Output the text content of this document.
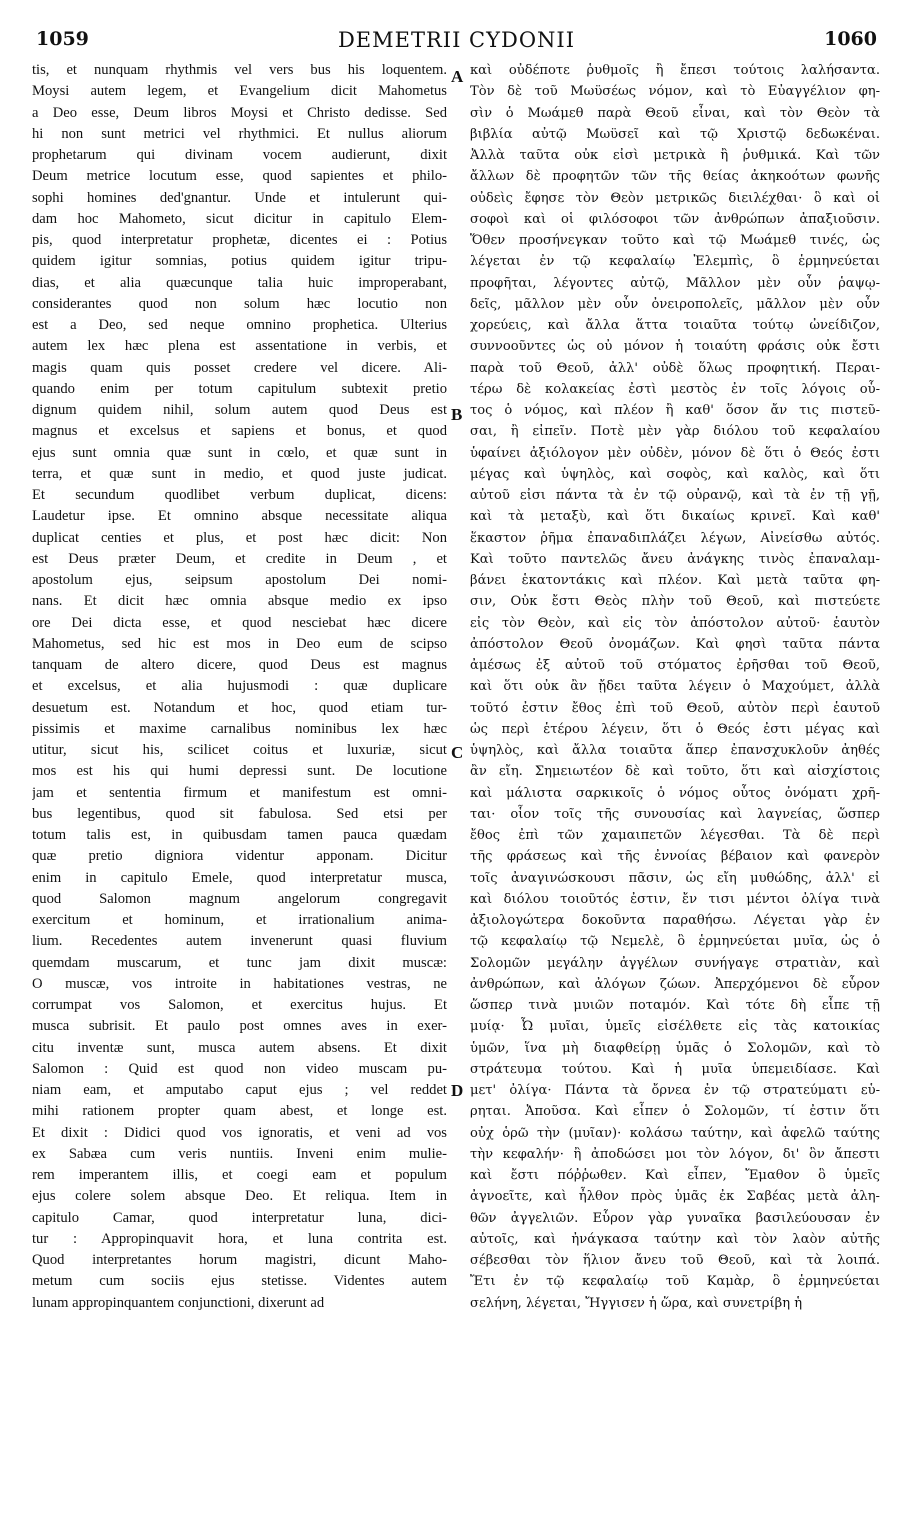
1059	DEMETRII CYDONII	1060
tis, et nunquam rhythmis vel vers bus his loquentem.
Moysi autem legem, et Evangelium dicit Mahometus
a Deo esse, Deum libros Moysi et Christo dedisse. Sed
hi non sunt metrici vel rhythmici. Et nullus aliorum
prophetarum qui divinam vocem audierunt, dixit
Deum metrice locutum esse, quod sapientes et philo-
sophi homines ded'gnantur. Unde et intulerunt qui-
dam hoc Mahometo, sicut dicitur in capitulo Elem-
pis, quod interpretatur prophetæ, dicentes ei : Potius
quidem igitur somnias, potius quidem igitur tripu-
dias, et alia quæcunque talia huic improperabant,
considerantes quod non solum hæc locutio non
est a Deo, sed neque omnino prophetica. Ulterius
autem lex hæc plena est assentatione in verbis, et
magis quam quis posset credere vel dicere. Ali-
quando enim per totum capitulum subtexit pretio
dignum quidem nihil, solum autem quod Deus est
magnus et excelsus et sapiens et bonus, et quod
ejus sunt omnia quæ sunt in cœlo, et quæ sunt in
terra, et quæ sunt in medio, et quod juste judicat.
Et secundum quodlibet verbum duplicat, dicens:
Laudetur ipse. Et omnino absque necessitate aliqua
duplicat centies et plus, et post hæc dicit: Non
est Deus præter Deum, et credite in Deum , et
apostolum ejus, seipsum apostolum Dei nomi-
nans. Et dicit hæc omnia absque medio ex ipso
ore Dei dicta esse, et quod nesciebat hæc dicere
Mahometus, sed hic est mos in Deo eum de scipso
tanquam de altero dicere, quod Deus est magnus
et excelsus, et alia hujusmodi : quæ duplicare
desuetum est. Notandum et hoc, quod etiam tur-
pissimis et maxime carnalibus nominibus lex hæc
utitur, sicut his, scilicet coitus et luxuriæ, sicut
mos est his qui humi depressi sunt. De locutione
jam et sententia firmum et manifestum est omni-
bus legentibus, quod sit fabulosa. Sed etsi per
totum talis est, in quibusdam tamen pauca quædam
quæ pretio digniora videntur apponam. Dicitur
enim in capitulo Emele, quod interpretatur musca,
quod Salomon magnum angelorum congregavit
exercitum et hominum, et irrationalium anima-
lium. Recedentes autem invenerunt quasi fluvium
quemdam muscarum, et tunc jam dixit muscæ:
O muscæ, vos introite in habitationes vestras, ne
corrumpat vos Salomon, et exercitus hujus. Et
musca subrisit. Et paulo post omnes aves in exer-
citu inventæ sunt, musca autem absens. Et dixit
Salomon : Quid est quod non video muscam pu-
niam eam, et amputabo caput ejus ; vel reddet
mihi rationem propter quam abest, et longe est.
Et dixit : Didici quod vos ignoratis, et veni ad vos
ex Sabæa cum veris nuntiis. Inveni enim mulie-
rem imperantem illis, et coegi eam et populum
ejus colere solem absque Deo. Et reliqua. Item in
capitulo Camar, quod interpretatur luna, dici-
tur : Appropinquavit hora, et luna contrita est.
Quod interpretantes horum magistri, dicunt Maho-
metum cum sociis ejus stetisse. Videntes autem
lunam appropinquantem conjunctioni, dixerunt ad
καὶ οὐδέποτε ῥυθμοῖς ἢ ἔπεσι τούτοις λαλήσαντα.
Τὸν δὲ τοῦ Μωϋσέως νόμον, καὶ τὸ Εὐαγγέλιον φη-
σὶν ὁ Μωάμεθ παρὰ Θεοῦ εἶναι, καὶ τὸν Θεὸν τὰ
βιβλία αὐτῷ Μωϋσεῖ καὶ τῷ Χριστῷ δεδωκέναι.
Ἀλλὰ ταῦτα οὐκ εἰσὶ μετρικὰ ἢ ῥυθμικά. Καὶ τῶν
ἄλλων δὲ προφητῶν τῶν τῆς θείας ἀκηκοότων φωνῆς
οὐδεὶς ἔφησε τὸν Θεὸν μετρικῶς διειλέχθαι· ὃ καὶ οἱ
σοφοὶ καὶ οἱ φιλόσοφοι τῶν ἀνθρώπων ἀπαξιοῦσιν.
Ὅθεν προσήνεγκαν τοῦτο καὶ τῷ Μωάμεθ τινές, ὡς
λέγεται ἐν τῷ κεφαλαίῳ Ἐλεμπὶς, ὃ ἑρμηνεύεται
προφῆται, λέγοντες αὐτῷ, Μᾶλλον μὲν οὖν ῥαψῳ-
δεῖς, μᾶλλον μὲν οὖν ὀνειροπολεῖς, μᾶλλον μὲν οὖν
χορεύεις, καὶ ἄλλα ἅττα τοιαῦτα τούτῳ ὠνείδιζον,
συννοοῦντες ὡς οὐ μόνον ἡ τοιαύτη φράσις οὐκ ἔστι
παρὰ τοῦ Θεοῦ, ἀλλ' οὐδὲ ὅλως προφητική. Περαι-
τέρω δὲ κολακείας ἐστὶ μεστὸς ἐν τοῖς λόγοις οὗ-
τος ὁ νόμος, καὶ πλέον ἢ καθ' ὅσον ἄν τις πιστεῦ-
σαι, ἢ εἰπεῖν. Ποτὲ μὲν γὰρ διόλου τοῦ κεφαλαίου
ὑφαίνει ἀξιόλογον μὲν οὐδὲν, μόνον δὲ ὅτι ὁ Θεός ἐστι
μέγας καὶ ὑψηλὸς, καὶ σοφὸς, καὶ καλὸς, καὶ ὅτι
αὐτοῦ εἰσι πάντα τὰ ἐν τῷ οὐρανῷ, καὶ τὰ ἐν τῇ γῇ,
καὶ τὰ μεταξὺ, καὶ ὅτι δικαίως κρινεῖ. Καὶ καθ'
ἕκαστον ῥῆμα ἐπαναδιπλάζει λέγων, Αἰνείσθω αὐτός.
Καὶ τοῦτο παντελῶς ἄνευ ἀνάγκης τινὸς ἐπαναλαμ-
βάνει ἑκατοντάκις καὶ πλέον. Καὶ μετὰ ταῦτα φη-
σιν, Οὐκ ἔστι Θεὸς πλὴν τοῦ Θεοῦ, καὶ πιστεύετε
εἰς τὸν Θεὸν, καὶ εἰς τὸν ἀπόστολον αὐτοῦ· ἑαυτὸν
ἀπόστολον Θεοῦ ὀνομάζων. Καὶ φησὶ ταῦτα πάντα
ἀμέσως ἐξ αὐτοῦ τοῦ στόματος ἐρῆσθαι τοῦ Θεοῦ,
καὶ ὅτι οὐκ ἂν ᾔδει ταῦτα λέγειν ὁ Μαχούμετ, ἀλλὰ
τοῦτό ἐστιν ἔθος ἐπὶ τοῦ Θεοῦ, αὐτὸν περὶ ἑαυτοῦ
ὡς περὶ ἑτέρου λέγειν, ὅτι ὁ Θεός ἐστι μέγας καὶ
ὑψηλὸς, καὶ ἄλλα τοιαῦτα ἅπερ ἐπανσχυκλοῦν ἀηθές
ἂν εἴη. Σημειωτέον δὲ καὶ τοῦτο, ὅτι καὶ αἰσχίστοις
καὶ μάλιστα σαρκικοῖς ὁ νόμος οὗτος ὀνόματι χρῆ-
ται· οἷον τοῖς τῆς συνουσίας καὶ λαγνείας, ὥσπερ
ἔθος ἐπὶ τῶν χαμαιπετῶν λέγεσθαι. Τὰ δὲ περὶ
τῆς φράσεως καὶ τῆς ἐννοίας βέβαιον καὶ φανερὸν
τοῖς ἀναγινώσκουσι πᾶσιν, ὡς εἴη μυθώδης, ἀλλ' εἰ
καὶ διόλου τοιοῦτός ἐστιν, ἔν τισι μέντοι ὀλίγα τινὰ
ἀξιολογώτερα δοκοῦντα παραθήσω. Λέγεται γὰρ ἐν
τῷ κεφαλαίῳ τῷ Νεμελὲ, ὃ ἑρμηνεύεται μυῖα, ὡς ὁ
Σολομῶν μεγάλην ἀγγέλων συνήγαγε στρατιὰν, καὶ
ἀνθρώπων, καὶ ἀλόγων ζώων. Ἀπερχόμενοι δὲ εὗρον
ὥσπερ τινὰ μυιῶν ποταμόν. Καὶ τότε δὴ εἶπε τῇ
μυίᾳ· Ὦ μυῖαι, ὑμεῖς εἰσέλθετε εἰς τὰς κατοικίας
ὑμῶν, ἵνα μὴ διαφθείρῃ ὑμᾶς ὁ Σολομῶν, καὶ τὸ
στράτευμα τούτου. Καὶ ἡ μυῖα ὑπεμειδίασε. Καὶ
μετ' ὀλίγα· Πάντα τὰ ὄρνεα ἐν τῷ στρατεύματι εὑ-
ρηται. Ἀποῦσα. Καὶ εἶπεν ὁ Σολομῶν, τί ἐστιν ὅτι
οὐχ ὁρῶ τὴν (μυῖαν)· κολάσω ταύτην, καὶ ἀφελῶ ταύτης
τὴν κεφαλήν· ἢ ἀποδώσει μοι τὸν λόγον, δι' ὃν ἄπεστι
καὶ ἔστι πόῤῥωθεν. Καὶ εἶπεν, Ἔμαθον ὃ ὑμεῖς
ἀγνοεῖτε, καὶ ἦλθον πρὸς ὑμᾶς ἐκ Σαβέας μετὰ ἀλη-
θῶν ἀγγελιῶν. Εὗρον γὰρ γυναῖκα βασιλεύουσαν ἐν
αὐτοῖς, καὶ ἠνάγκασα ταύτην καὶ τὸν λαὸν αὐτῆς
σέβεσθαι τὸν ἥλιον ἄνευ τοῦ Θεοῦ, καὶ τὰ λοιπά.
Ἔτι ἐν τῷ κεφαλαίῳ τοῦ Καμὰρ, ὃ ἑρμηνεύεται
σελήνη, λέγεται, Ἤγγισεν ἡ ὥρα, καὶ συνετρίβη ἡ
A
B
C
D
